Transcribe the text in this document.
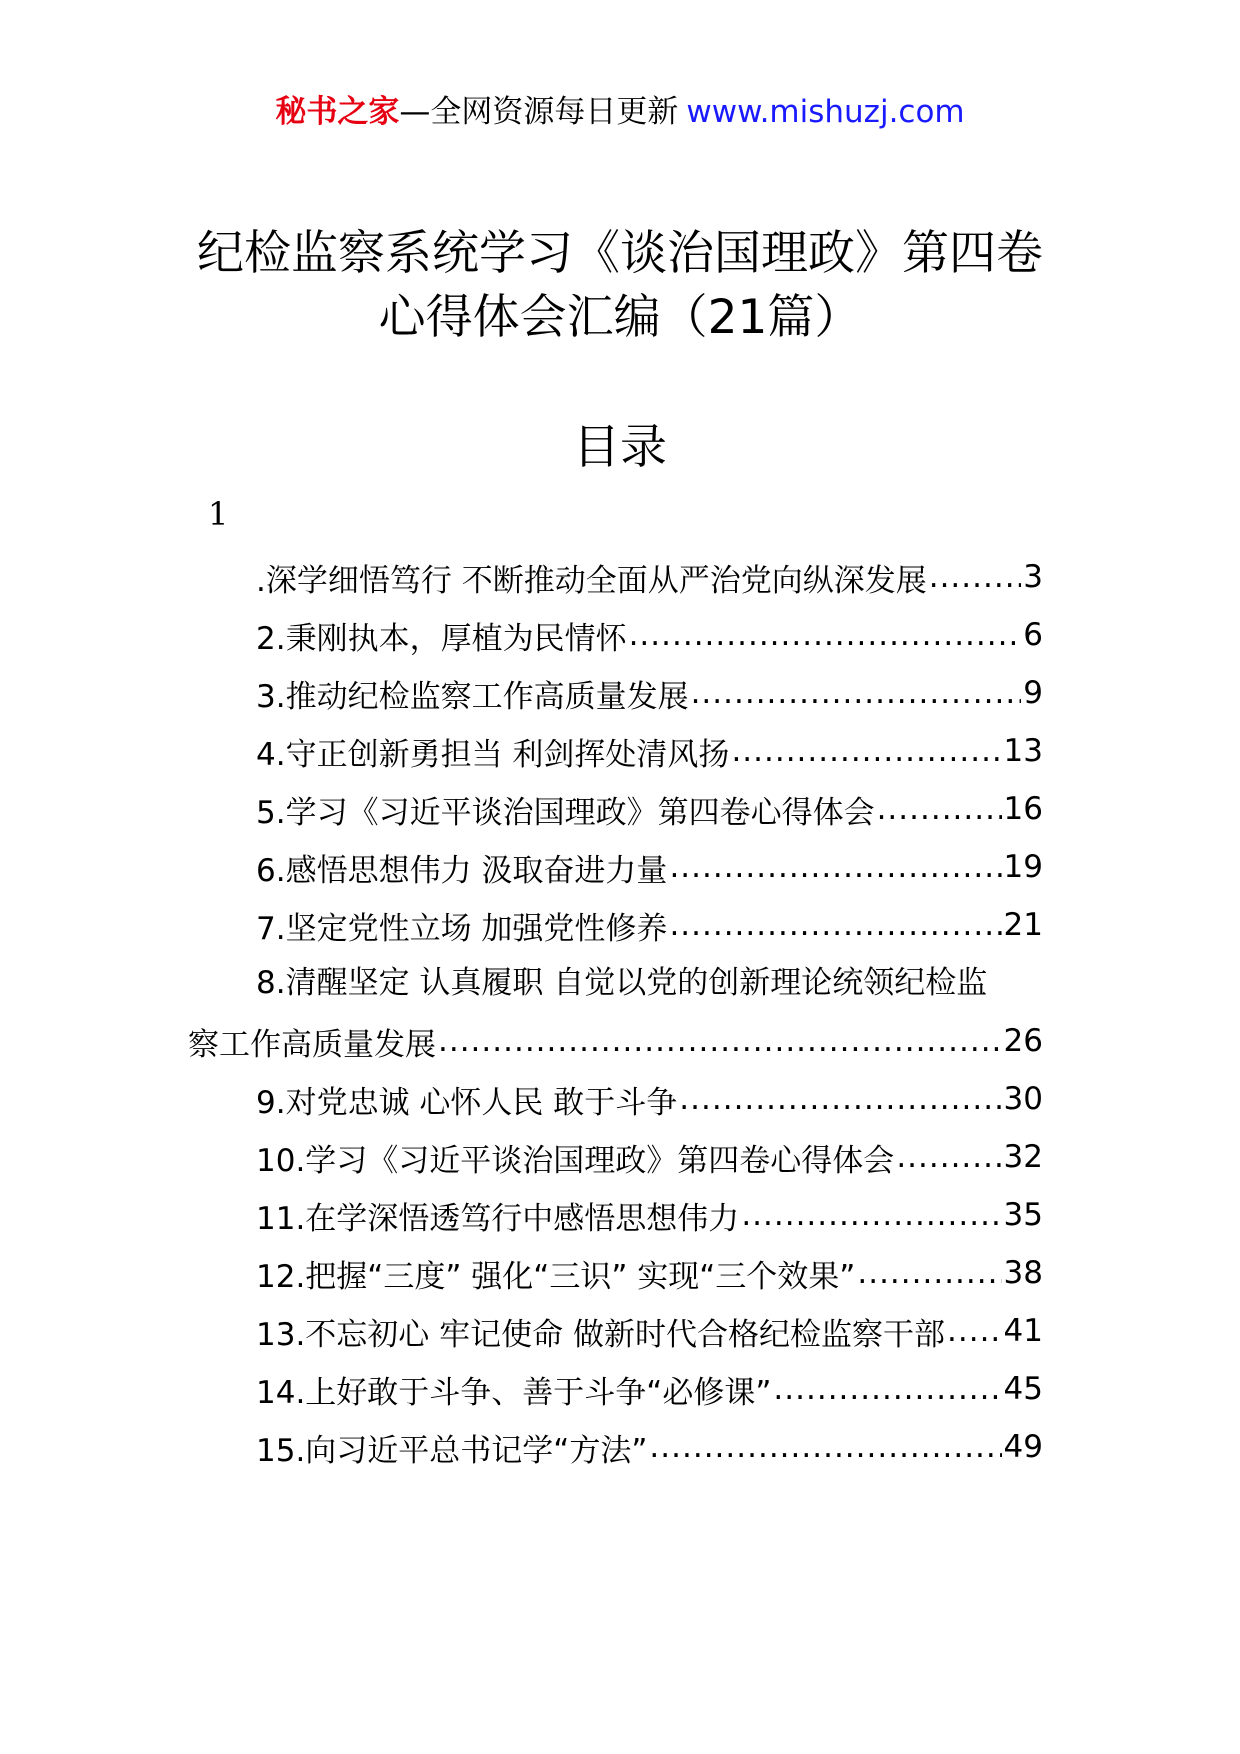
秘书之家—全网资源每日更新 www.mishuzj.com
纪检监察系统学习《谈治国理政》第四卷
心得体会汇编（21篇）
目录
1
.深学细悟笃行 不断推动全面从严治党向纵深发展 .....	3
2.秉刚执本，厚植为民情怀 .....	6
3.推动纪检监察工作高质量发展 .....	9
4.守正创新勇担当 利剑挥处清风扬 .....	13
5.学习《习近平谈治国理政》第四卷心得体会 .....	16
6.感悟思想伟力 汲取奋进力量 .....	19
7.坚定党性立场 加强党性修养 .....	21
8.清醒坚定 认真履职 自觉以党的创新理论统领纪检监
察工作高质量发展 .....	26
9.对党忠诚 心怀人民 敢于斗争 .....	30
10.学习《习近平谈治国理政》第四卷心得体会 .....	32
11.在学深悟透笃行中感悟思想伟力 .....	35
12.把握“三度” 强化“三识” 实现“三个效果” .....	38
13.不忘初心 牢记使命 做新时代合格纪检监察干部 ..... 41
14.上好敢于斗争、善于斗争“必修课” .....	45
15.向习近平总书记学“方法” .....	49
